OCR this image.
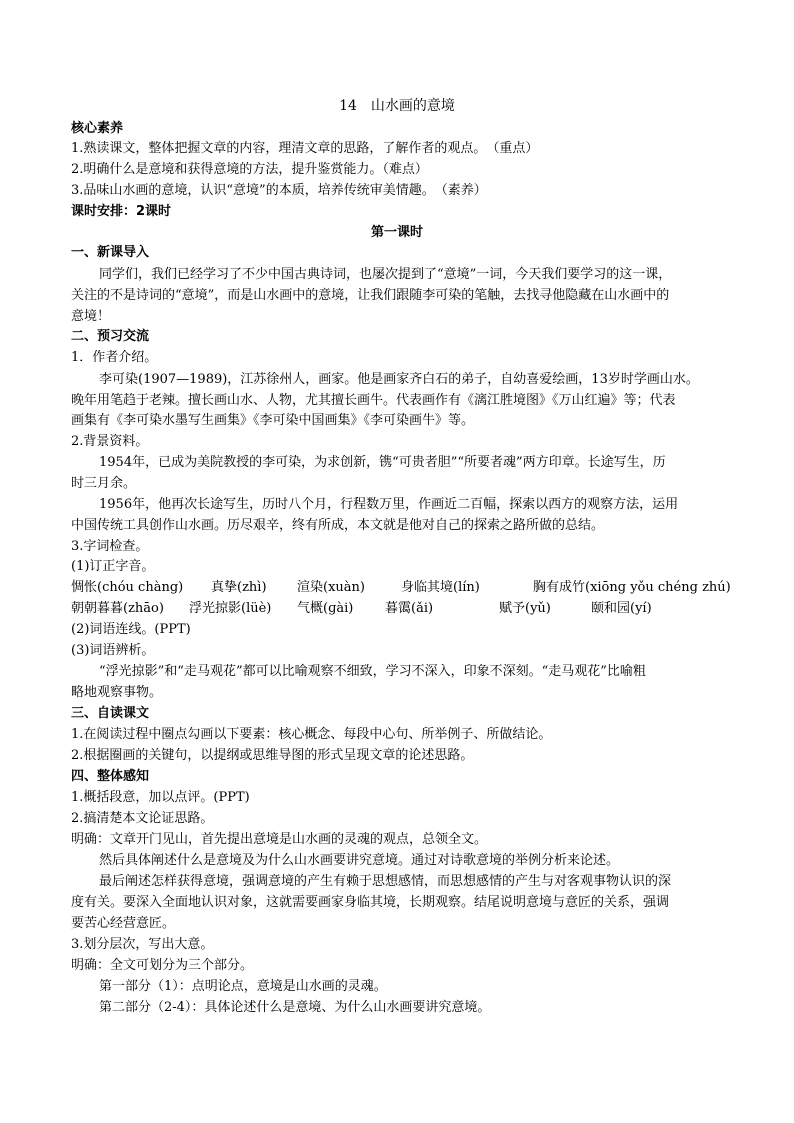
14　山水画的意境
核心素养
1.熟读课文，整体把握文章的内容，理清文章的思路，了解作者的观点。　（重点）
2.明确什么是意境和获得意境的方法，提升鉴赏能力。（难点）
3.品味山水画的意境，认识“意境”的本质，培养传统审美情趣。　（素养）
课时安排：2课时
第一课时
一、新课导入
同学们，我们已经学习了不少中国古典诗词，也屡次提到了“意境”一词，今天我们要学习的这一课，
关注的不是诗词的“意境”，而是山水画中的意境，让我们跟随李可染的笔触，去找寻他隐藏在山水画中的
意境！
二、预习交流
1．作者介绍。
李可染(1907—1989)，江苏徐州人，画家。他是画家齐白石的弟子，自幼喜爱绘画，13岁时学画山水。
晚年用笔趋于老辣。擅长画山水、人物，尤其擅长画牛。代表画作有《漓江胜境图》《万山红遍》等；代表
画集有《李可染水墨写生画集》《李可染中国画集》《李可染画牛》等。
2.背景资料。
1954年，已成为美院教授的李可染，为求创新，镌“可贵者胆”“所要者魂”两方印章。长途写生，历
时三月余。
1956年，他再次长途写生，历时八个月，行程数万里，作画近二百幅，探索以西方的观察方法，运用
中国传统工具创作山水画。历尽艰辛，终有所成，本文就是他对自己的探索之路所做的总结。
3.字词检查。
(1)订正字音。
惆怅(chóu chàng) 真挚(zhì) 渲染(xuàn)	身临其境(lín)	胸有成竹(xiōng yǒu chéng zhú)
朝朝暮暮(zhāo) 浮光掠影(lüè) 气概(ɡài) 暮霭(ǎi)	赋予(yǔ)	颐和园(yí)
(2)词语连线。(PPT)
(3)词语辨析。
“浮光掠影”和“走马观花”都可以比喻观察不细致，学习不深入，印象不深刻。“走马观花”比喻粗
略地观察事物。
三、自读课文
1.在阅读过程中圈点勾画以下要素：核心概念、每段中心句、所举例子、所做结论。
2.根据圈画的关键句，以提纲或思维导图的形式呈现文章的论述思路。
四、整体感知
1.概括段意，加以点评。(PPT)
2.搞清楚本文论证思路。
明确：文章开门见山，首先提出意境是山水画的灵魂的观点，总领全文。
然后具体阐述什么是意境及为什么山水画要讲究意境。通过对诗歌意境的举例分析来论述。
最后阐述怎样获得意境，强调意境的产生有赖于思想感情，而思想感情的产生与对客观事物认识的深
度有关。要深入全面地认识对象，这就需要画家身临其境，长期观察。结尾说明意境与意匠的关系，强调
要苦心经营意匠。
3.划分层次，写出大意。
明确：全文可划分为三个部分。
第一部分（1）：点明论点，意境是山水画的灵魂。
第二部分（2-4）：具体论述什么是意境、为什么山水画要讲究意境。
